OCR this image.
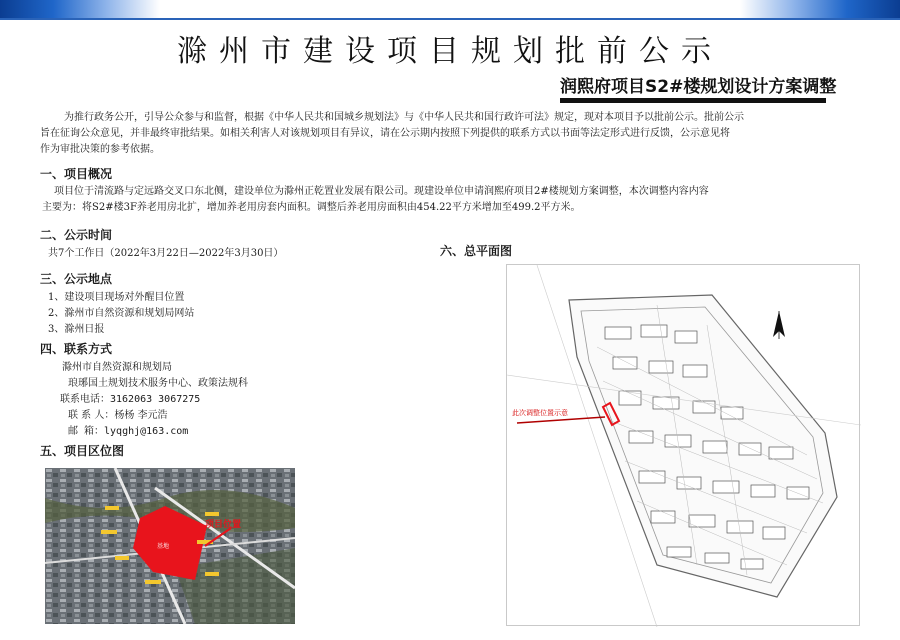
滁州市建设项目规划批前公示
润熙府项目S2#楼规划设计方案调整
为推行政务公开，引导公众参与和监督，根据《中华人民共和国城乡规划法》与《中华人民共和国行政许可法》规定，现对本项目予以批前公示。批前公示
旨在征询公众意见，并非最终审批结果。如相关利害人对该规划项目有异议，请在公示期内按照下列提供的联系方式以书面等法定形式进行反馈，公示意见将
作为审批决策的参考依据。
一、项目概况
项目位于清流路与定远路交叉口东北侧，建设单位为滁州正乾置业发展有限公司。现建设单位申请润熙府项目2#楼规划方案调整，本次调整内容内容
主要为：将S2#楼3F养老用房北扩，增加养老用房套内面积。调整后养老用房面积由454.22平方米增加至499.2平方米。
二、公示时间
共7个工作日（2022年3月22日—2022年3月30日）
三、公示地点
1、建设项目现场对外醒目位置
2、滁州市自然资源和规划局网站
3、滁州日报
四、联系方式
滁州市自然资源和规划局
琅琊国土规划技术服务中心、政策法规科
联系电话：3162063 3067275
联 系 人：杨杨 李元浩
邮 箱：lyqghj@163.com
五、项目区位图
项目位置
基地
六、总平面图
此次调整位置示意
